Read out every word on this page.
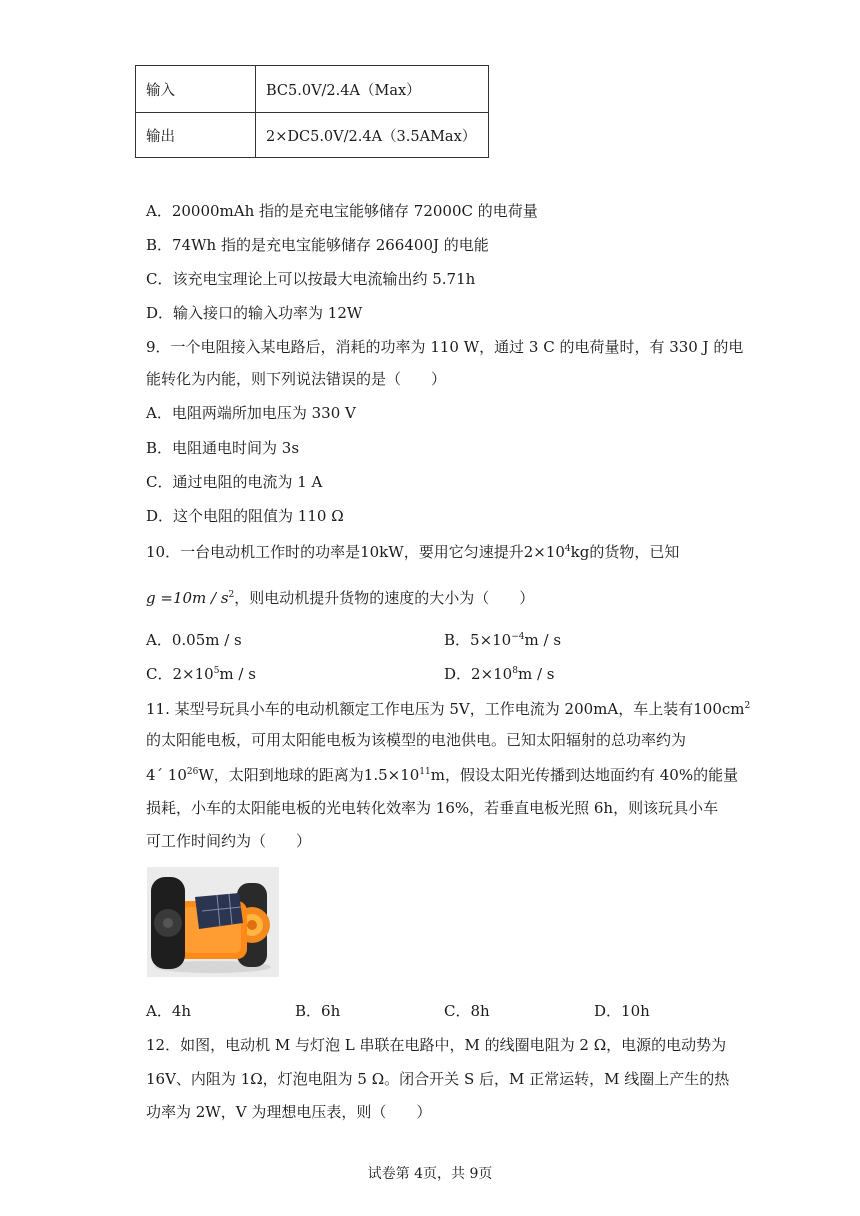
输入	BC5.0V/2.4A（Max）
输出	2×DC5.0V/2.4A（3.5AMax）
A．20000mAh 指的是充电宝能够储存 72000C 的电荷量
B．74Wh 指的是充电宝能够储存 266400J 的电能
C．该充电宝理论上可以按最大电流输出约 5.71h
D．输入接口的输入功率为 12W
9．一个电阻接入某电路后，消耗的功率为 110 W，通过 3 C 的电荷量时，有 330 J 的电
能转化为内能，则下列说法错误的是（　　）
A．电阻两端所加电压为 330 V
B．电阻通电时间为 3s
C．通过电阻的电流为 1 A
D．这个电阻的阻值为 110 Ω
10．一台电动机工作时的功率是10kW，要用它匀速提升$2\times 10^4kg$的货物，已知
$g =10m / s^2$，则电动机提升货物的速度的大小为（　　）
A．0.05m / s	B．$5\times 10^{-4}m / s$
C．$2\times 10^5m / s$	D．$2\times 10^8m / s$
11. 某型号玩具小车的电动机额定工作电压为 5V，工作电流为 200mA，车上装有$100cm^2$
的太阳能电板，可用太阳能电板为该模型的电池供电。已知太阳辐射的总功率约为
4´ $10^{26}W$，太阳到地球的距离为$1.5\times 10^{11}m$，假设太阳光传播到达地面约有 40%的能量
损耗，小车的太阳能电板的光电转化效率为 16%，若垂直电板光照 6h，则该玩具小车
可工作时间约为（　　）
A．4h	B．6h	C．8h	D．10h
12．如图，电动机 M 与灯泡 L 串联在电路中，M 的线圈电阻为 2 Ω，电源的电动势为
16V、内阻为 1Ω，灯泡电阻为 5 Ω。闭合开关 S 后，M 正常运转，M 线圈上产生的热
功率为 2W，V 为理想电压表，则（　　）
试卷第 4页，共 9页
